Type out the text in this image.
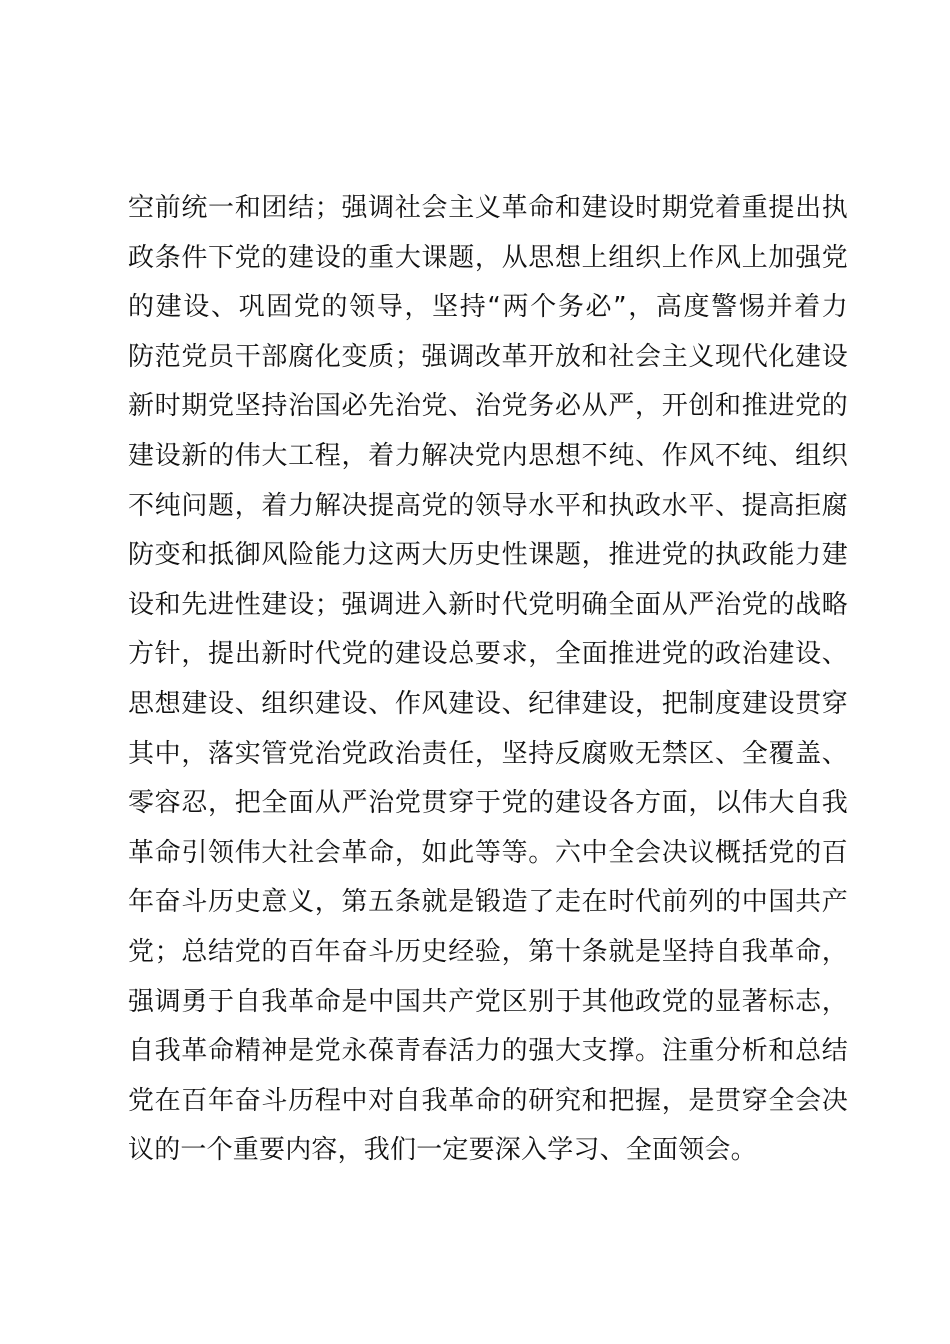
空前统一和团结；强调社会主义革命和建设时期党着重提出执
政条件下党的建设的重大课题，从思想上组织上作风上加强党
的建设、巩固党的领导，坚持“两个务必”，高度警惕并着力
防范党员干部腐化变质；强调改革开放和社会主义现代化建设
新时期党坚持治国必先治党、治党务必从严，开创和推进党的
建设新的伟大工程，着力解决党内思想不纯、作风不纯、组织
不纯问题，着力解决提高党的领导水平和执政水平、提高拒腐
防变和抵御风险能力这两大历史性课题，推进党的执政能力建
设和先进性建设；强调进入新时代党明确全面从严治党的战略
方针，提出新时代党的建设总要求，全面推进党的政治建设、
思想建设、组织建设、作风建设、纪律建设，把制度建设贯穿
其中，落实管党治党政治责任，坚持反腐败无禁区、全覆盖、
零容忍，把全面从严治党贯穿于党的建设各方面，以伟大自我
革命引领伟大社会革命，如此等等。六中全会决议概括党的百
年奋斗历史意义，第五条就是锻造了走在时代前列的中国共产
党；总结党的百年奋斗历史经验，第十条就是坚持自我革命，
强调勇于自我革命是中国共产党区别于其他政党的显著标志，
自我革命精神是党永葆青春活力的强大支撑。注重分析和总结
党在百年奋斗历程中对自我革命的研究和把握，是贯穿全会决
议的一个重要内容，我们一定要深入学习、全面领会。
